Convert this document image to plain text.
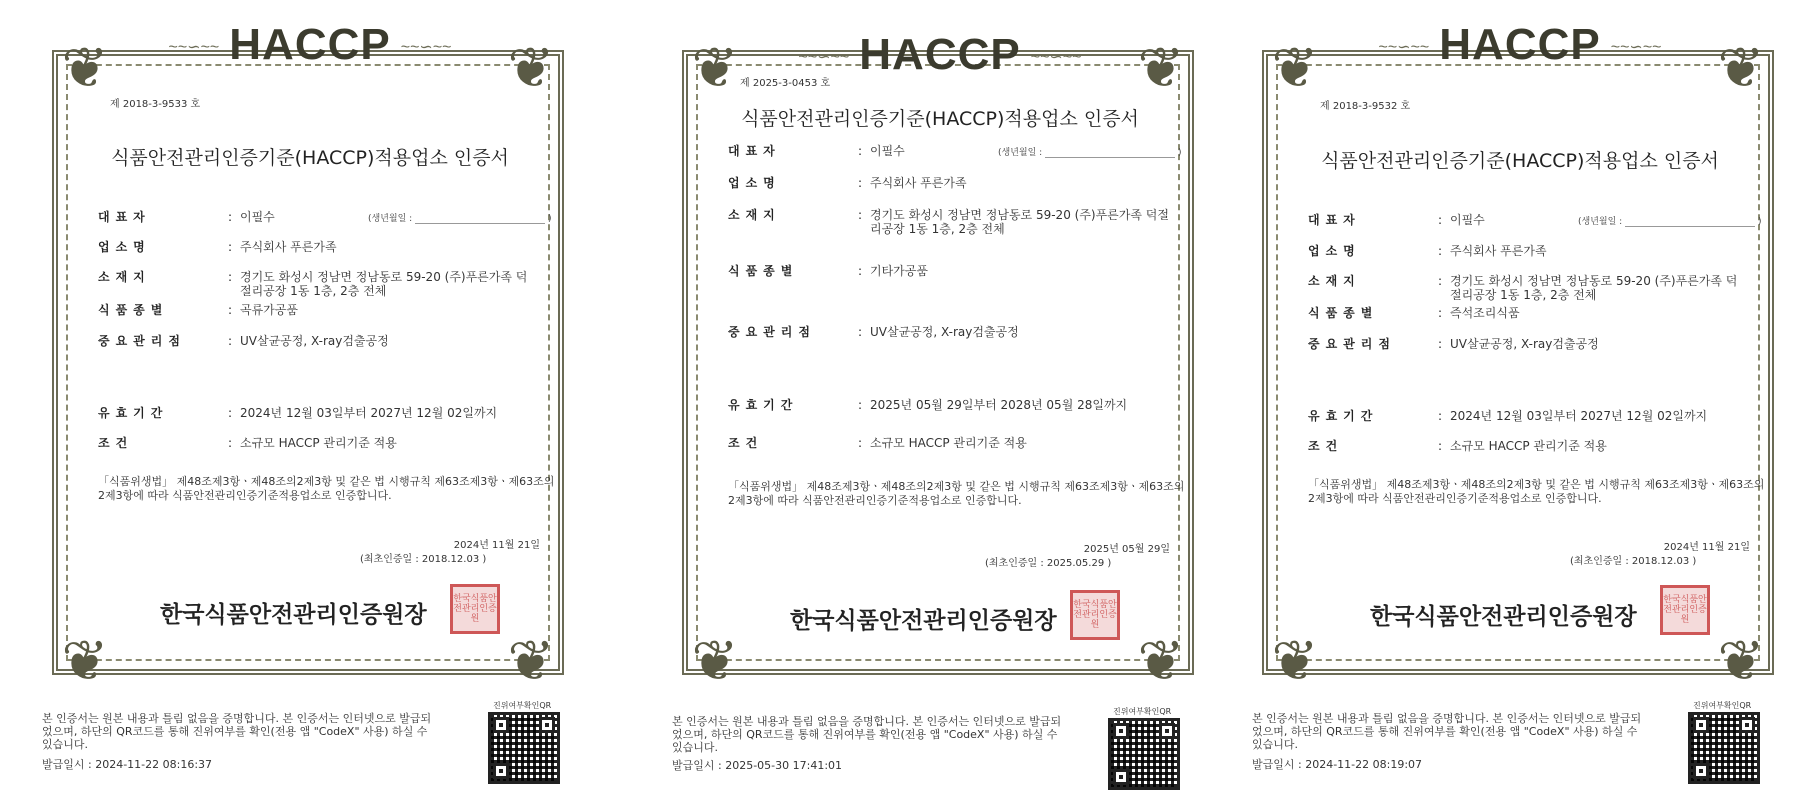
❦	❦
❦	❦
~~∽~~ HACCP ~~∽~~
제 2018-3-9533 호
식품안전관리인증기준(HACCP)적용업소 인증서
대표자	: 이필수	(생년월일 :	)
업소명	: 주식회사 푸른가족
소재지	: 경기도 화성시 정남면 정남동로 59-20 (주)푸른가족 덕절리공장 1동 1층, 2층 전체
식품종별	: 곡류가공품
중요관리점	: UV살균공정, X-ray검출공정
유효기간	: 2024년 12월 03일부터 2027년 12월 02일까지
조건	: 소규모 HACCP 관리기준 적용
「식품위생법」 제48조제3항ㆍ제48조의2제3항 및 같은 법 시행규칙 제63조제3항ㆍ제63조의2제3항에 따라 식품안전관리인증기준적용업소로 인증합니다.
2024년 11월 21일
(최초인증일 : 2018.12.03 )
한국식품안전관리인증원장
한국식품안전관리인증원
본 인증서는 원본 내용과 틀림 없음을 증명합니다. 본 인증서는 인터넷으로 발급되었으며, 하단의 QR코드를 통해 진위여부를 확인(전용 앱 "CodeX" 사용) 하실 수 있습니다.
발급일시 : 2024-11-22 08:16:37
진위여부확인QR
❦	❦
❦	❦
~~∽~~ HACCP ~~∽~~
제 2025-3-0453 호
식품안전관리인증기준(HACCP)적용업소 인증서
대표자	: 이필수	(생년월일 :	)
업소명	: 주식회사 푸른가족
소재지	: 경기도 화성시 정남면 정남동로 59-20 (주)푸른가족 덕절리공장 1동 1층, 2층 전체
식품종별	: 기타가공품
중요관리점	: UV살균공정, X-ray검출공정
유효기간	: 2025년 05월 29일부터 2028년 05월 28일까지
조건	: 소규모 HACCP 관리기준 적용
「식품위생법」 제48조제3항ㆍ제48조의2제3항 및 같은 법 시행규칙 제63조제3항ㆍ제63조의2제3항에 따라 식품안전관리인증기준적용업소로 인증합니다.
2025년 05월 29일
(최초인증일 : 2025.05.29 )
한국식품안전관리인증원장
한국식품안전관리인증원
본 인증서는 원본 내용과 틀림 없음을 증명합니다. 본 인증서는 인터넷으로 발급되었으며, 하단의 QR코드를 통해 진위여부를 확인(전용 앱 "CodeX" 사용) 하실 수 있습니다.
발급일시 : 2025-05-30 17:41:01
진위여부확인QR
❦	❦
❦	❦
~~∽~~ HACCP ~~∽~~
제 2018-3-9532 호
식품안전관리인증기준(HACCP)적용업소 인증서
대표자	: 이필수	(생년월일 :	)
업소명	: 주식회사 푸른가족
소재지	: 경기도 화성시 정남면 정남동로 59-20 (주)푸른가족 덕절리공장 1동 1층, 2층 전체
식품종별	: 즉석조리식품
중요관리점	: UV살균공정, X-ray검출공정
유효기간	: 2024년 12월 03일부터 2027년 12월 02일까지
조건	: 소규모 HACCP 관리기준 적용
「식품위생법」 제48조제3항ㆍ제48조의2제3항 및 같은 법 시행규칙 제63조제3항ㆍ제63조의2제3항에 따라 식품안전관리인증기준적용업소로 인증합니다.
2024년 11월 21일
(최초인증일 : 2018.12.03 )
한국식품안전관리인증원장
한국식품안전관리인증원
본 인증서는 원본 내용과 틀림 없음을 증명합니다. 본 인증서는 인터넷으로 발급되었으며, 하단의 QR코드를 통해 진위여부를 확인(전용 앱 "CodeX" 사용) 하실 수 있습니다.
발급일시 : 2024-11-22 08:19:07
진위여부확인QR
